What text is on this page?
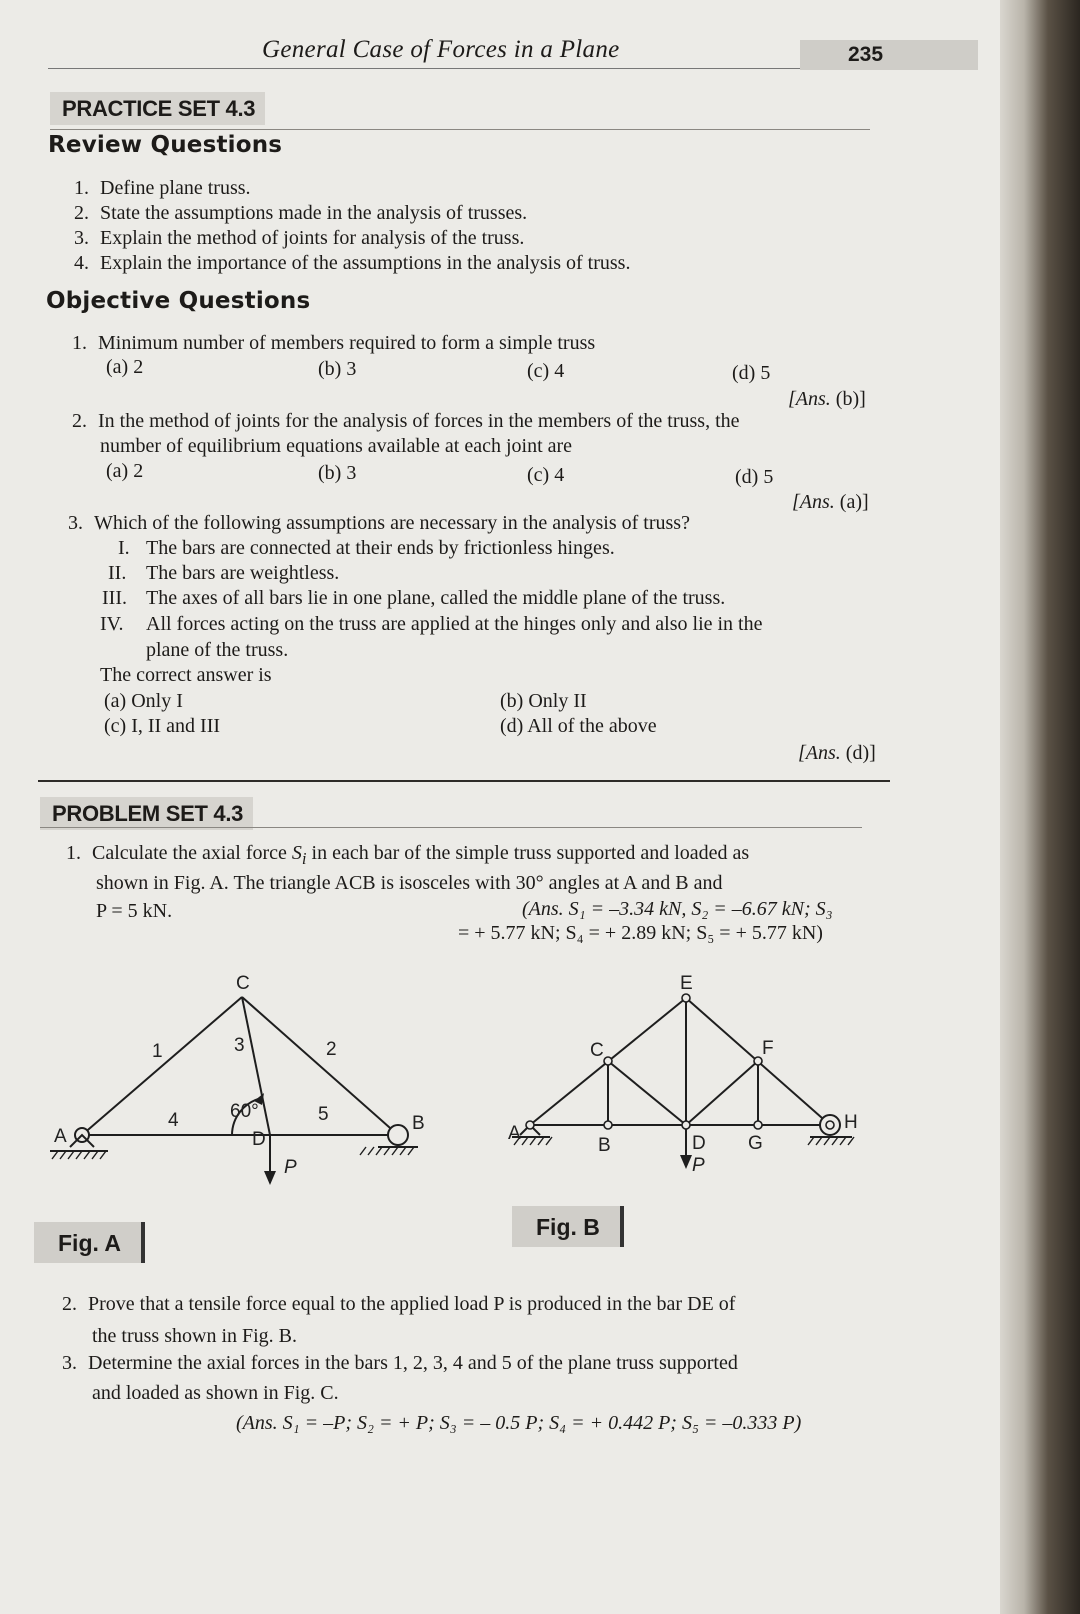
General Case of Forces in a Plane	235
PRACTICE SET 4.3
Review Questions
1. Define plane truss.
2. State the assumptions made in the analysis of trusses.
3. Explain the method of joints for analysis of the truss.
4. Explain the importance of the assumptions in the analysis of truss.
Objective Questions
1. Minimum number of members required to form a simple truss
(a) 2	(b) 3	(c) 4	(d) 5
[Ans. (b)]
2. In the method of joints for the analysis of forces in the members of the truss, the
number of equilibrium equations available at each joint are
(a) 2	(b) 3	(c) 4	(d) 5
[Ans. (a)]
3. Which of the following assumptions are necessary in the analysis of truss?
I. The bars are connected at their ends by frictionless hinges.
II. The bars are weightless.
III. The axes of all bars lie in one plane, called the middle plane of the truss.
IV. All forces acting on the truss are applied at the hinges only and also lie in the
plane of the truss.
The correct answer is
(a) Only I	(b) Only II
(c) I, II and III	(d) All of the above
[Ans. (d)]
PROBLEM SET 4.3
1. Calculate the axial force $S_i$ in each bar of the simple truss supported and loaded as
shown in Fig. A. The triangle ACB is isosceles with 30° angles at A and B and
P = 5 kN.	(Ans. S₁ = –3.34 kN, S₂ = –6.67 kN; S₃
= + 5.77 kN; S₄ = + 2.89 kN; S₅ = + 5.77 kN)
C
A
B
D
P
1	2
3
4	5
60°
E
C	F
A
B	D G
H
P
Fig. A
Fig. B
2. Prove that a tensile force equal to the applied load P is produced in the bar DE of
the truss shown in Fig. B.
3. Determine the axial forces in the bars 1, 2, 3, 4 and 5 of the plane truss supported
and loaded as shown in Fig. C.
(Ans. S₁ = –P; S₂ = + P; S₃ = – 0.5 P; S₄ = + 0.442 P; S₅ = –0.333 P)
